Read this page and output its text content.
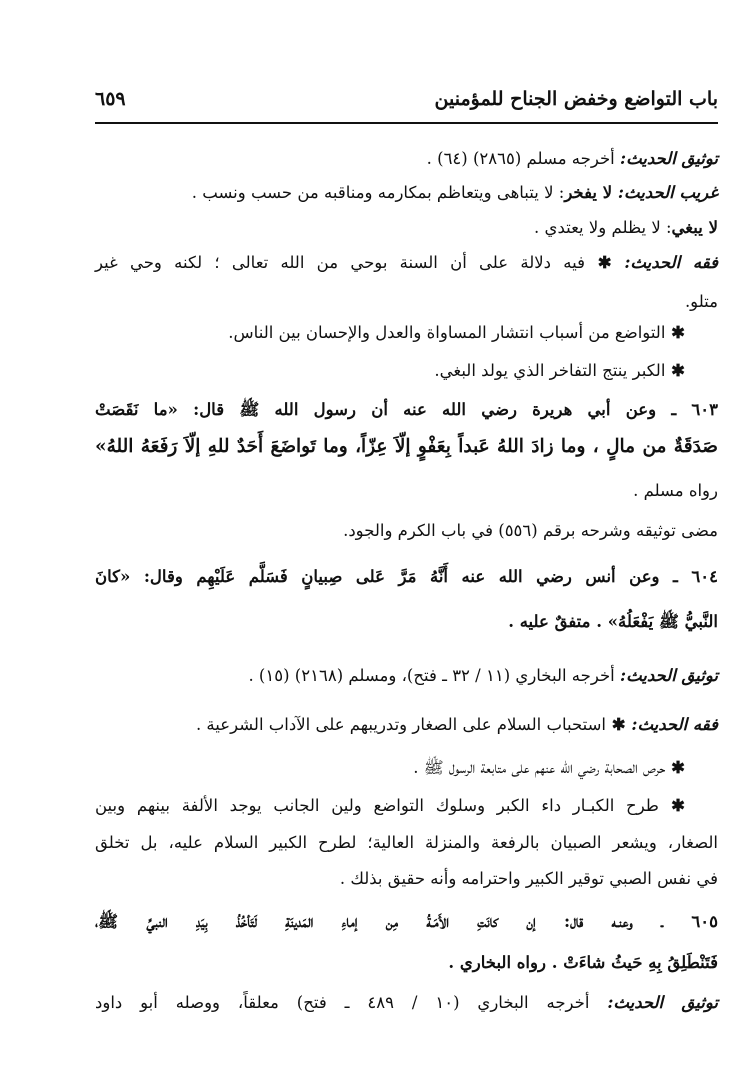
باب التواضع وخفض الجناح للمؤمنين
٦٥٩
توثيق الحديث: أخرجه مسلم (٢٨٦٥) (٦٤) .
غريب الحديث: لا يفخر: لا يتباهى ويتعاظم بمكارمه ومناقبه من حسب ونسب .
لا يبغي: لا يظلم ولا يعتدي .
فقه الحديث: ✱ فيه دلالة على أن السنة بوحي من الله تعالى ؛ لكنه وحي غير
متلو.
✱ التواضع من أسباب انتشار المساواة والعدل والإحسان بين الناس.
✱ الكبر ينتج التفاخر الذي يولد البغي.
٦٠٣ ـ وعن أبي هريرة رضي الله عنه أن رسول الله ﷺ قال: «ما نَقَصَتْ
صَدَقَةٌ من مالٍ ، وما زادَ اللهُ عَبداً بِعَفْوٍ إلّاَ عِزّاً، وما تَواضَعَ أَحَدٌ للهِ إلّاَ رَفَعَهُ اللهُ»
رواه مسلم .
مضى توثيقه وشرحه برقم (٥٥٦) في باب الكرم والجود.
٦٠٤ ـ وعن أنس رضي الله عنه أَنَّهُ مَرَّ عَلى صِبيانٍ فَسَلَّم عَلَيْهِم وقال: «كانَ
النَّبيُّ ﷺ يَفْعَلُهُ» . متفقٌ عليه .
توثيق الحديث: أخرجه البخاري (١١ / ٣٢ ـ فتح)، ومسلم (٢١٦٨) (١٥) .
فقه الحديث: ✱ استحباب السلام على الصغار وتدريبهم على الآداب الشرعية .
✱ حرص الصحابة رضي الله عنهم على متابعة الرسول ﷺ .
✱ طرح الكبـار داء الكبر وسلوك التواضع ولين الجانب يوجد الألفة بينهم وبين
الصغار، ويشعر الصبيان بالرفعة والمنزلة العالية؛ لطرح الكبير السلام عليه، بل تخلق
في نفس الصبي توقير الكبير واحترامه وأنه حقيق بذلك .
٦٠٥ ـ وعنـه قال: إن كانَتِ الأَمَـةُ مِن إماءِ المَدينَةِ لَتَأخُذُ بِيَدِ النبيِّ ﷺ،
فَتَنْطَلِقُ بِهِ حَيثُ شاءَتْ . رواه البخاري .
توثيق الحديث: أخرجه البخاري (١٠ / ٤٨٩ ـ فتح) معلقاً، ووصله أبو داود
